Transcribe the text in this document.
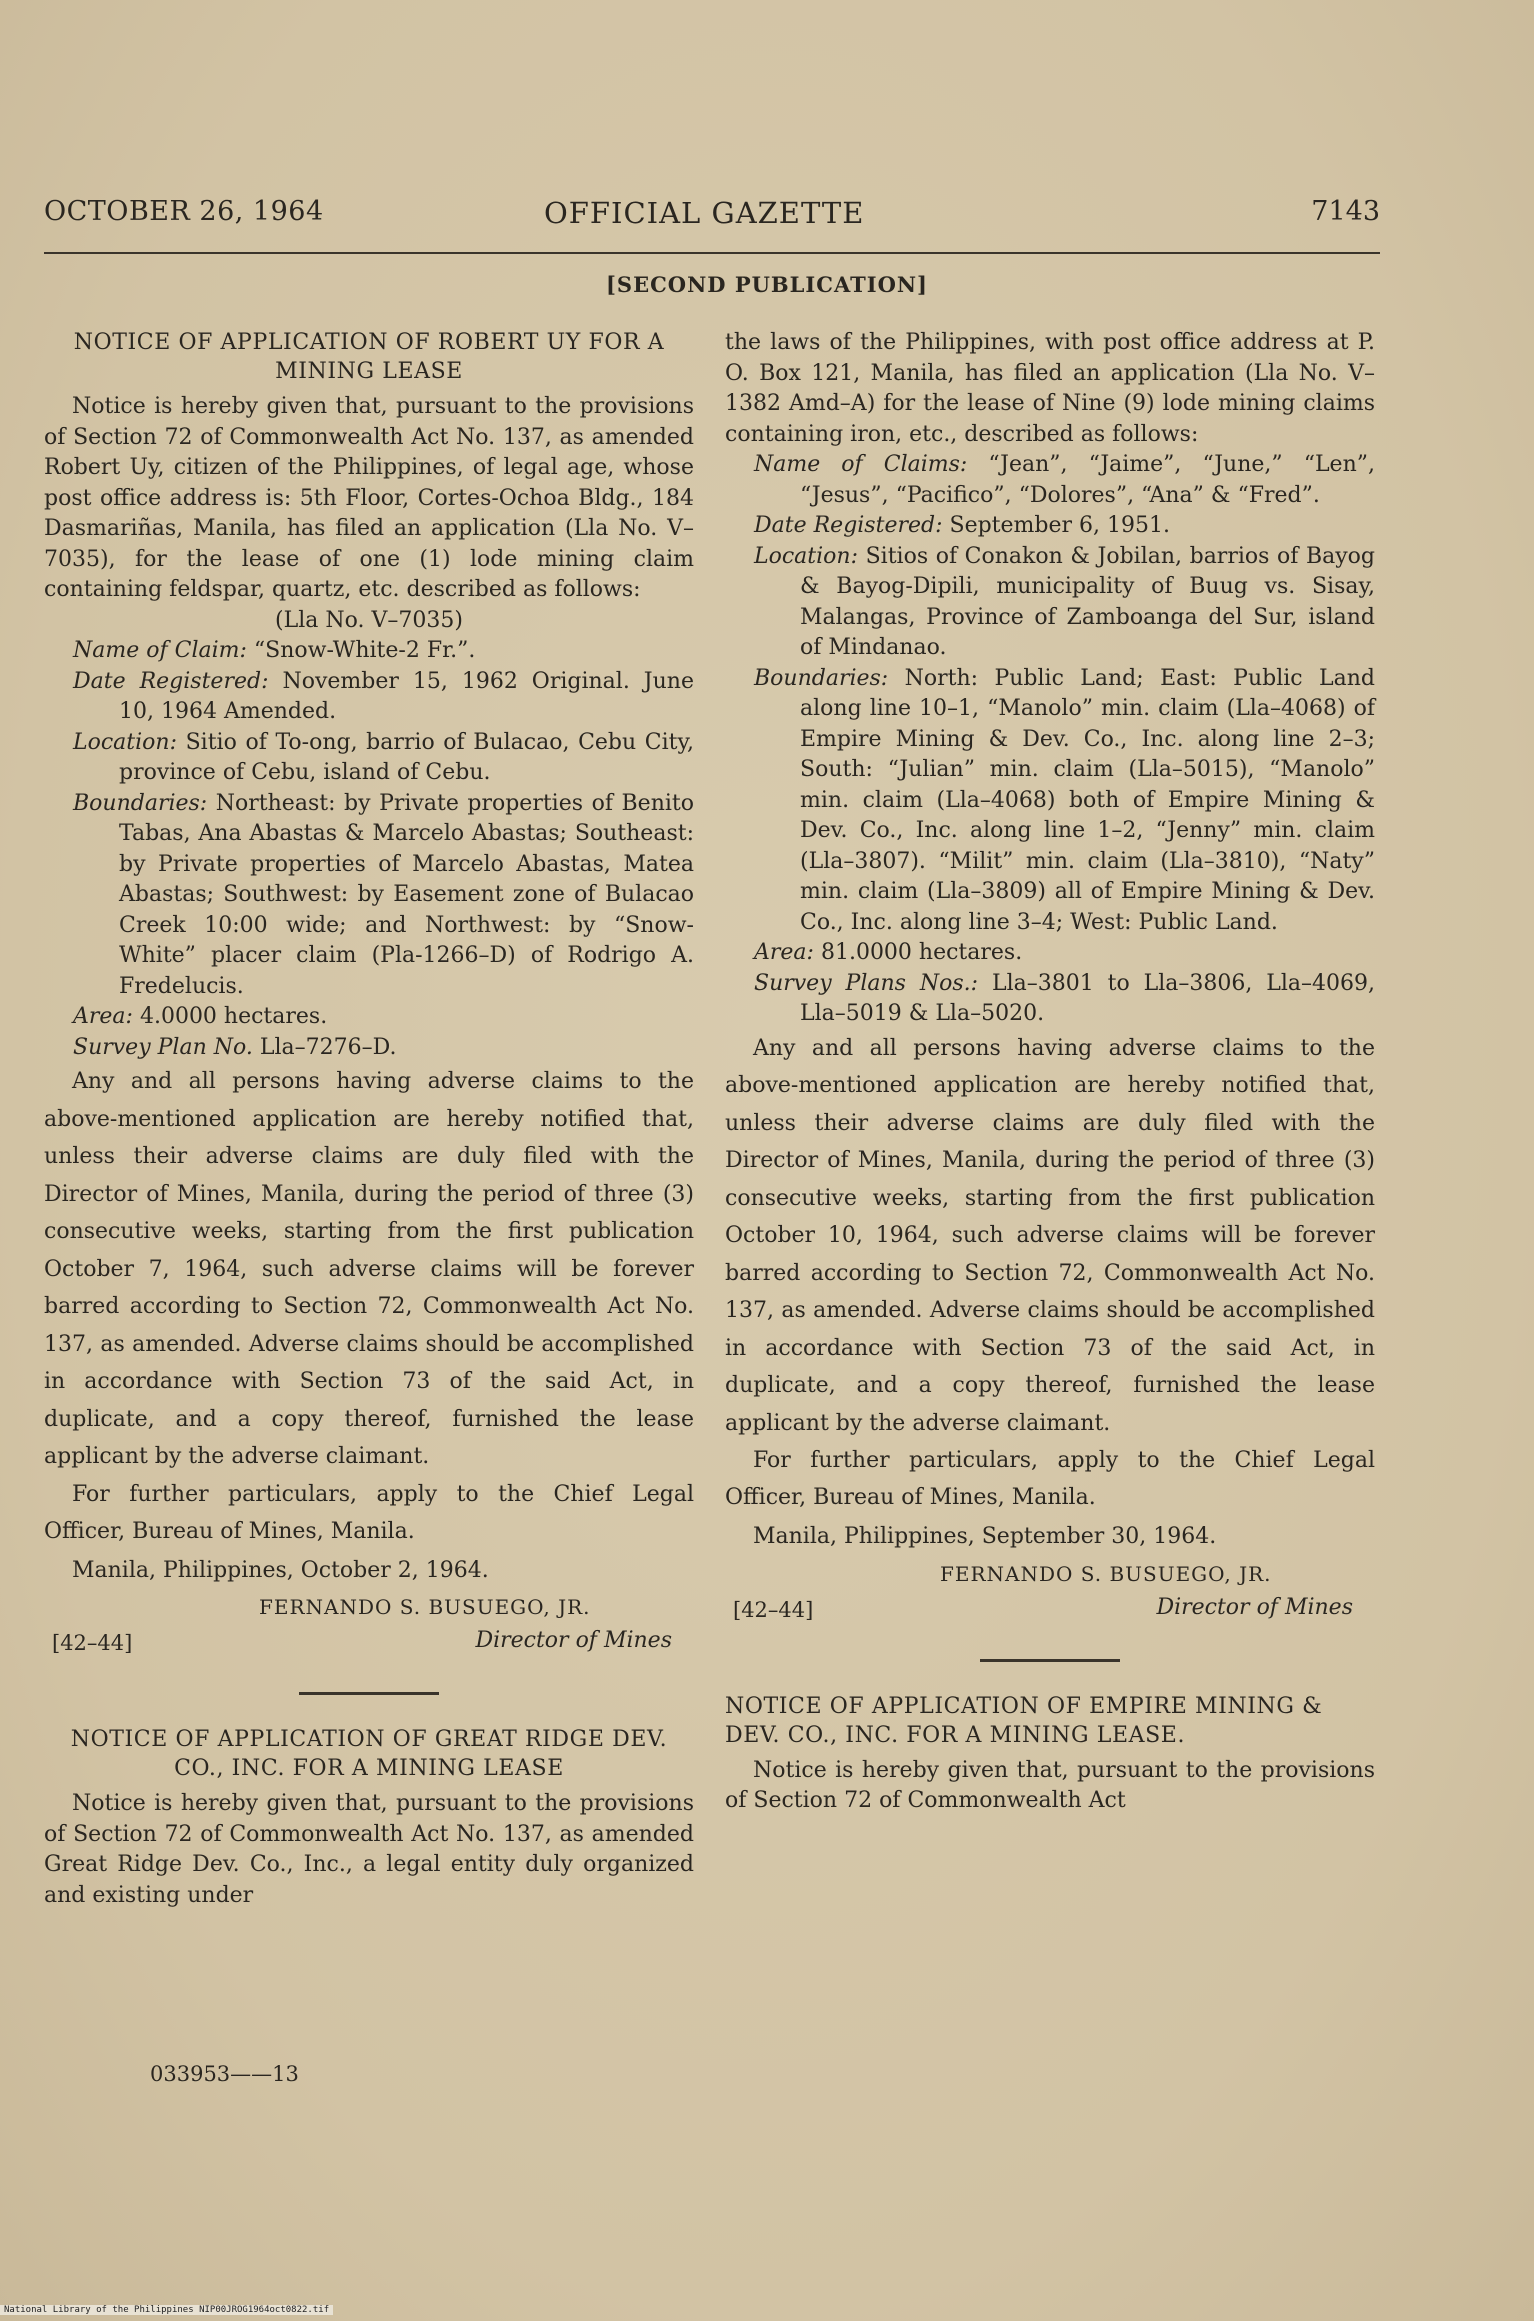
OCTOBER 26, 1964	OFFICIAL GAZETTE	7143
[SECOND PUBLICATION]
NOTICE OF APPLICATION OF ROBERT UY FOR A MINING LEASE

Notice is hereby given that, pursuant to the provisions of Section 72 of Commonwealth Act No. 137, as amended Robert Uy, citizen of the Philippines, of legal age, whose post office address is: 5th Floor, Cortes-Ochoa Bldg., 184 Dasmariñas, Manila, has filed an application (Lla No. V–7035), for the lease of one (1) lode mining claim containing feldspar, quartz, etc. described as follows:

(Lla No. V–7035)

Name of Claim: “Snow-White-2 Fr.”.

Date Registered: November 15, 1962 Original. June 10, 1964 Amended.

Location: Sitio of To-ong, barrio of Bulacao, Cebu City, province of Cebu, island of Cebu.

Boundaries: Northeast: by Private properties of Benito Tabas, Ana Abastas & Marcelo Abastas; Southeast: by Private properties of Marcelo Abastas, Matea Abastas; Southwest: by Easement zone of Bulacao Creek 10:00 wide; and Northwest: by “Snow-White” placer claim (Pla-1266–D) of Rodrigo A. Fredelucis.

Area: 4.0000 hectares.

Survey Plan No. Lla–7276–D.

Any and all persons having adverse claims to the above-mentioned application are hereby notified that, unless their adverse claims are duly filed with the Director of Mines, Manila, during the period of three (3) consecutive weeks, starting from the first publication October 7, 1964, such adverse claims will be forever barred according to Section 72, Commonwealth Act No. 137, as amended. Adverse claims should be accomplished in accordance with Section 73 of the said Act, in duplicate, and a copy thereof, furnished the lease applicant by the adverse claimant.

For further particulars, apply to the Chief Legal Officer, Bureau of Mines, Manila.

Manila, Philippines, October 2, 1964.

FERNANDO S. BUSUEGO, JR.
[42–44]	Director of Mines
NOTICE OF APPLICATION OF GREAT RIDGE DEV. CO., INC. FOR A MINING LEASE

Notice is hereby given that, pursuant to the provisions of Section 72 of Commonwealth Act No. 137, as amended Great Ridge Dev. Co., Inc., a legal entity duly organized and existing under

the laws of the Philippines, with post office address at P. O. Box 121, Manila, has filed an application (Lla No. V–1382 Amd–A) for the lease of Nine (9) lode mining claims containing iron, etc., described as follows:

Name of Claims: “Jean”, “Jaime”, “June,” “Len”, “Jesus”, “Pacifico”, “Dolores”, “Ana” & “Fred”.

Date Registered: September 6, 1951.

Location: Sitios of Conakon & Jobilan, barrios of Bayog & Bayog-Dipili, municipality of Buug vs. Sisay, Malangas, Province of Zamboanga del Sur, island of Mindanao.

Boundaries: North: Public Land; East: Public Land along line 10–1, “Manolo” min. claim (Lla–4068) of Empire Mining & Dev. Co., Inc. along line 2–3; South: “Julian” min. claim (Lla–5015), “Manolo” min. claim (Lla–4068) both of Empire Mining & Dev. Co., Inc. along line 1–2, “Jenny” min. claim (Lla–3807). “Milit” min. claim (Lla–3810), “Naty” min. claim (Lla–3809) all of Empire Mining & Dev. Co., Inc. along line 3–4; West: Public Land.

Area: 81.0000 hectares.

Survey Plans Nos.: Lla–3801 to Lla–3806, Lla–4069, Lla–5019 & Lla–5020.

Any and all persons having adverse claims to the above-mentioned application are hereby notified that, unless their adverse claims are duly filed with the Director of Mines, Manila, during the period of three (3) consecutive weeks, starting from the first publication October 10, 1964, such adverse claims will be forever barred according to Section 72, Commonwealth Act No. 137, as amended. Adverse claims should be accomplished in accordance with Section 73 of the said Act, in duplicate, and a copy thereof, furnished the lease applicant by the adverse claimant.

For further particulars, apply to the Chief Legal Officer, Bureau of Mines, Manila.

Manila, Philippines, September 30, 1964.

FERNANDO S. BUSUEGO, JR.
[42–44]	Director of Mines
NOTICE OF APPLICATION OF EMPIRE MINING & DEV. CO., INC. FOR A MINING LEASE.

Notice is hereby given that, pursuant to the provisions of Section 72 of Commonwealth Act

033953——13
National Library of the Philippines NIP00JROG1964oct0822.tif
